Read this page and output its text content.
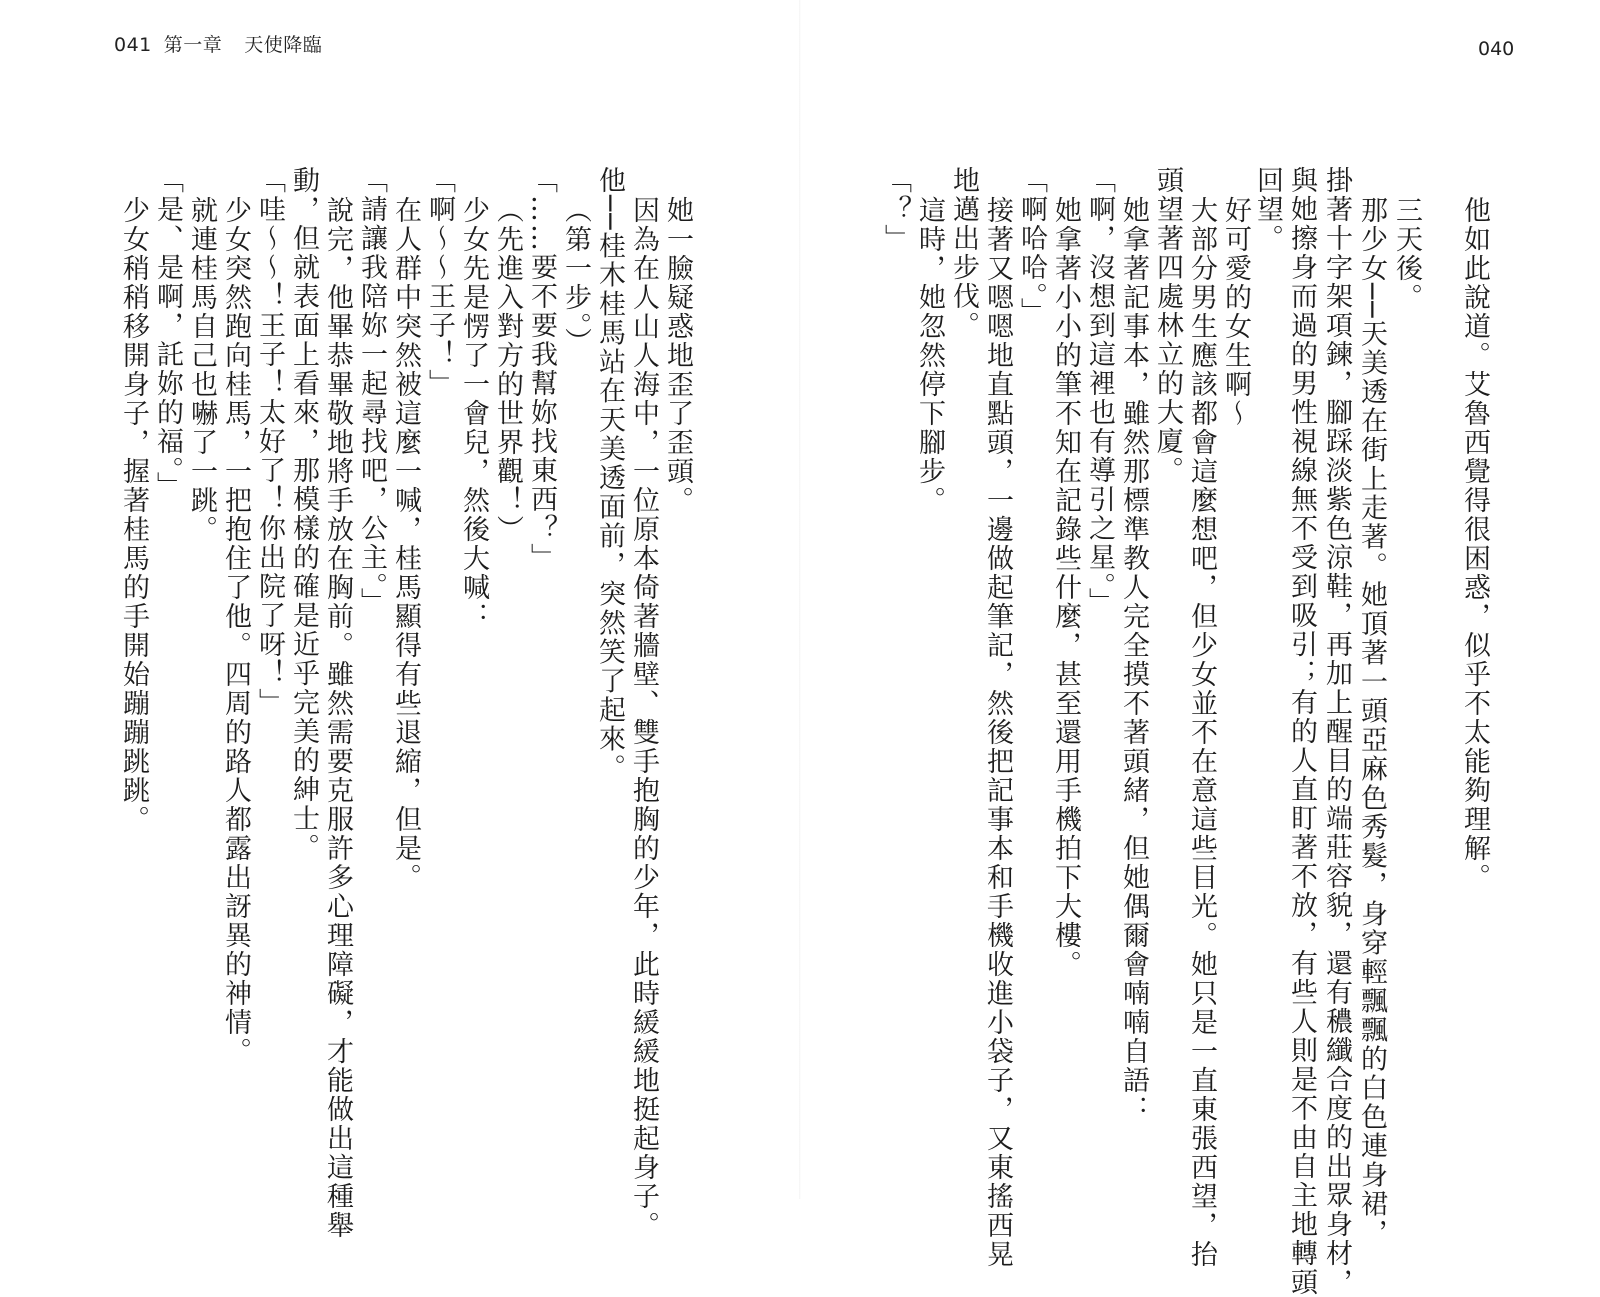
041 第一章 天使降臨	040
他如此說道。艾魯西覺得很困惑，似乎不太能夠理解。
三天後。
那少女──天美透在街上走著。她頂著一頭亞麻色秀髮，身穿輕飄飄的白色連身裙，
掛著十字架項鍊，腳踩淡紫色涼鞋，再加上醒目的端莊容貌，還有穠纖合度的出眾身材，
與她擦身而過的男性視線無不受到吸引；有的人直盯著不放，有些人則是不由自主地轉頭
回望。
好可愛的女生啊～
大部分男生應該都會這麼想吧，但少女並不在意這些目光。她只是一直東張西望，抬
頭望著四處林立的大廈。
她拿著記事本，雖然那標準教人完全摸不著頭緒，但她偶爾會喃喃自語：
「啊，沒想到這裡也有導引之星。」
她拿著小小的筆不知在記錄些什麼，甚至還用手機拍下大樓。
「啊哈哈。」
接著又嗯嗯地直點頭，一邊做起筆記，然後把記事本和手機收進小袋子，又東搖西晃
地邁出步伐。
這時，她忽然停下腳步。
「？」
她一臉疑惑地歪了歪頭。
因為在人山人海中，一位原本倚著牆壁、雙手抱胸的少年，此時緩緩地挺起身子。
他──桂木桂馬站在天美透面前，突然笑了起來。
（第一步。）
「……要不要我幫妳找東西？」
（先進入對方的世界觀！）
少女先是愣了一會兒，然後大喊：
「啊～～王子！」
在人群中突然被這麼一喊，桂馬顯得有些退縮，但是。
「請讓我陪妳一起尋找吧，公主。」
說完，他畢恭畢敬地將手放在胸前。雖然需要克服許多心理障礙，才能做出這種舉
動，但就表面上看來，那模樣的確是近乎完美的紳士。
「哇～～！王子！太好了！你出院了呀！」
少女突然跑向桂馬，一把抱住了他。四周的路人都露出訝異的神情。
就連桂馬自己也嚇了一跳。
「是、是啊，託妳的福。」
少女稍稍移開身子，握著桂馬的手開始蹦蹦跳跳。
